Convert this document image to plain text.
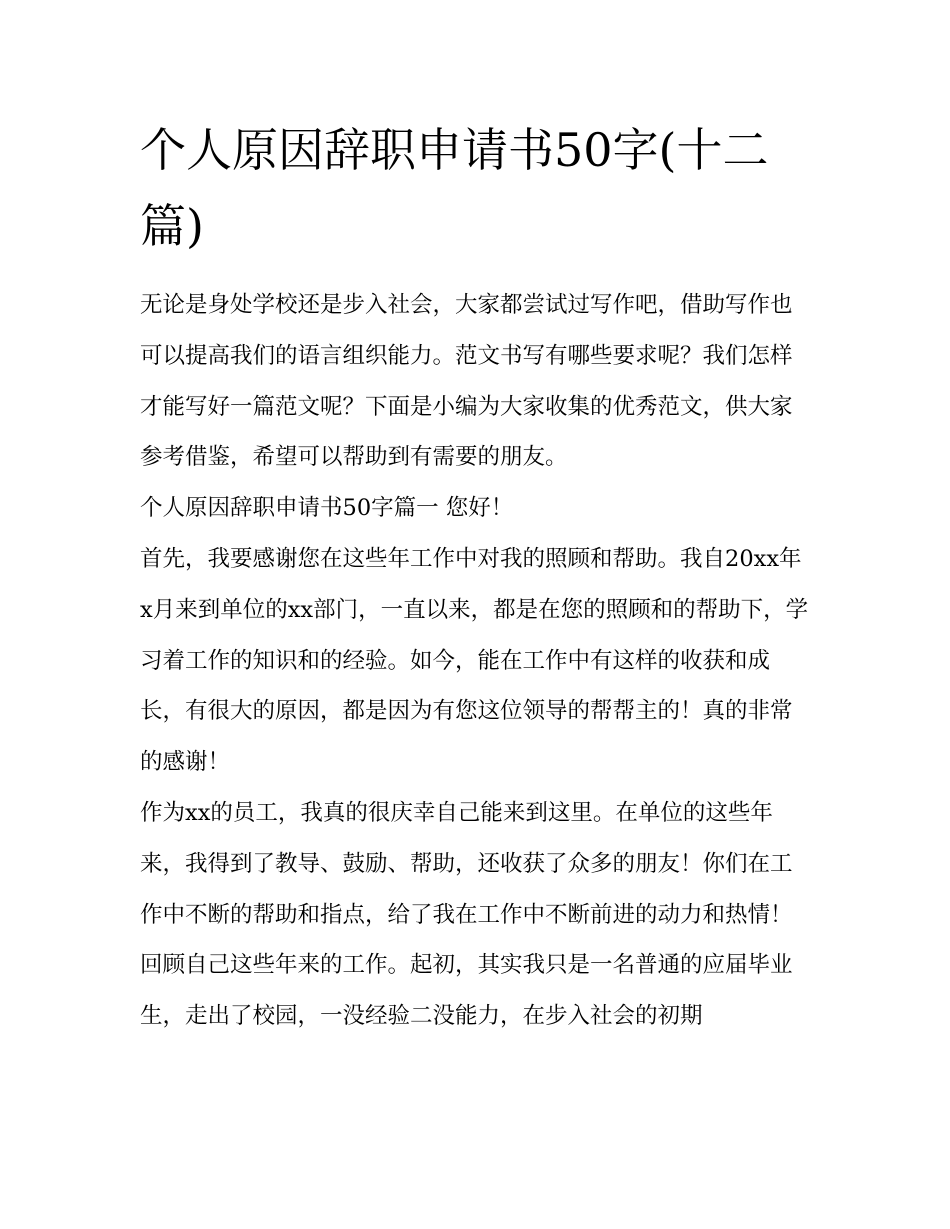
个人原因辞职申请书50字(十二篇)

无论是身处学校还是步入社会，大家都尝试过写作吧，借助写作也可以提高我们的语言组织能力。范文书写有哪些要求呢？我们怎样才能写好一篇范文呢？下面是小编为大家收集的优秀范文，供大家参考借鉴，希望可以帮助到有需要的朋友。

个人原因辞职申请书50字篇一 您好！

首先，我要感谢您在这些年工作中对我的照顾和帮助。我自20xx年x月来到单位的xx部门，一直以来，都是在您的照顾和的帮助下，学习着工作的知识和的经验。如今，能在工作中有这样的收获和成长，有很大的原因，都是因为有您这位领导的帮帮主的！真的非常的感谢！

作为xx的员工，我真的很庆幸自己能来到这里。在单位的这些年来，我得到了教导、鼓励、帮助，还收获了众多的朋友！你们在工作中不断的帮助和指点，给了我在工作中不断前进的动力和热情！

回顾自己这些年来的工作。起初，其实我只是一名普通的应届毕业生，走出了校园，一没经验二没能力，在步入社会的初期
